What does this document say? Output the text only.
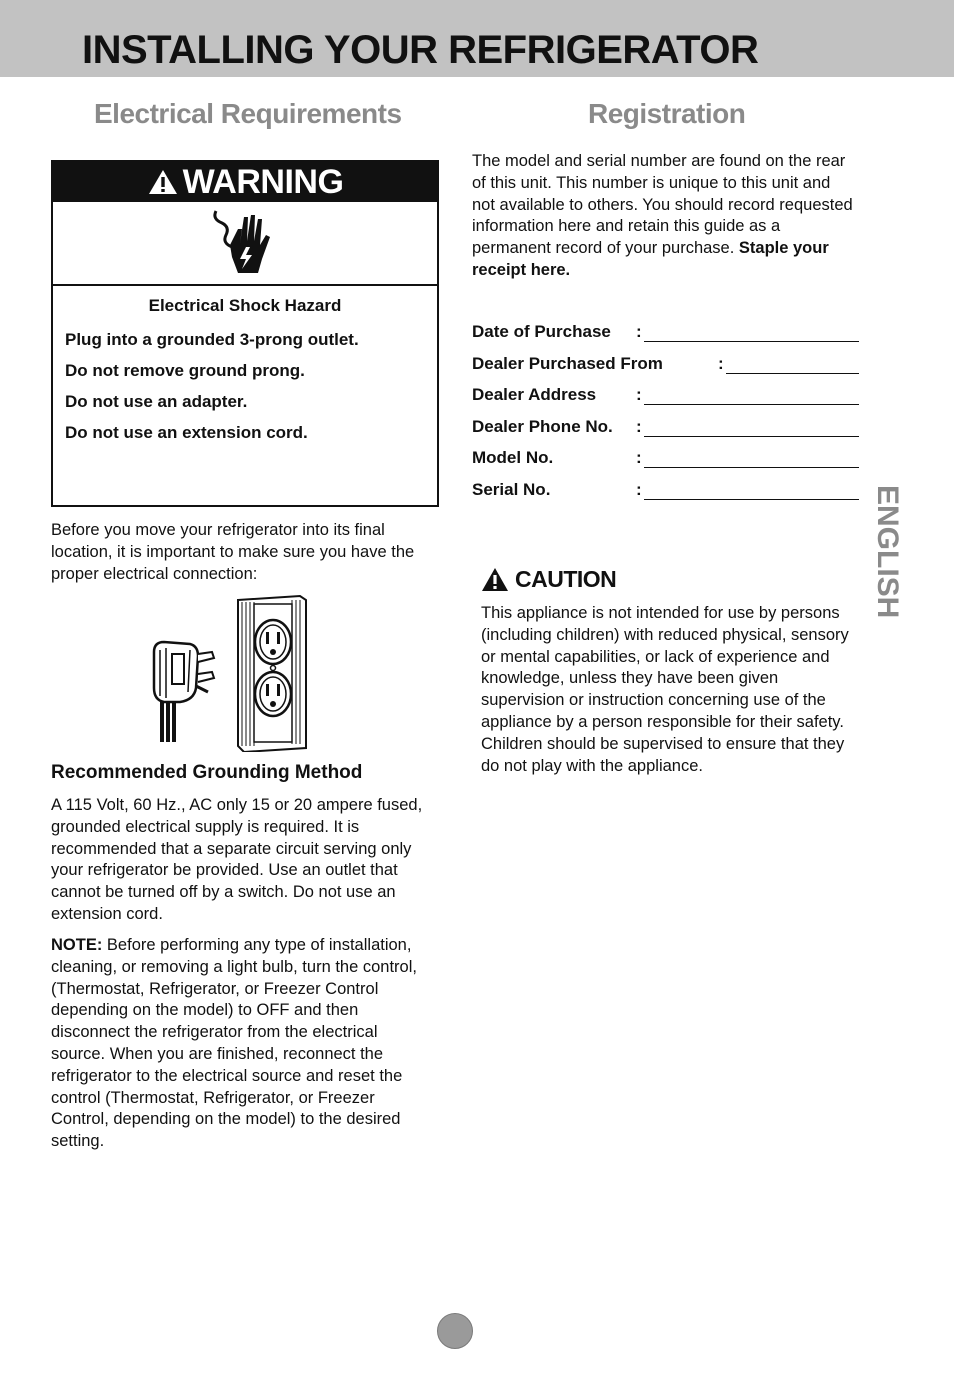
INSTALLING YOUR REFRIGERATOR
Electrical Requirements	Registration
WARNING
Electrical Shock Hazard
Plug into a grounded 3-prong outlet.
Do not remove ground prong.
Do not use an adapter.
Do not use an extension cord.

Before you move your refrigerator into its final location, it is important to make sure you have the proper electrical connection:

Recommended Grounding Method

A 115 Volt, 60 Hz., AC only 15 or 20 ampere fused, grounded electrical supply is required. It is recommended that a separate circuit serving only your refrigerator be provided. Use an outlet that cannot be turned off by a switch. Do not use an extension cord.

NOTE: Before performing any type of installation, cleaning, or removing a light bulb, turn the control, (Thermostat, Refrigerator, or Freezer Control depending on the model) to OFF and then disconnect the refrigerator from the electrical source. When you are finished, reconnect the refrigerator to the electrical source and reset the control (Thermostat, Refrigerator, or Freezer Control, depending on the model) to the desired setting.

The model and serial number are found on the rear of this unit. This number is unique to this unit and not available to others. You should record requested information here and retain this guide as a permanent record of your purchase. Staple your receipt here.

Date of Purchase :
Dealer Purchased From	:
Dealer Address :
Dealer Phone No. :
Model No.	:
Serial No.	:
CAUTION

This appliance is not intended for use by persons (including children) with reduced physical, sensory or mental capabilities, or lack of experience and knowledge, unless they have been given supervision or instruction concerning use of the appliance by a person responsible for their safety. Children should be supervised to ensure that they do not play with the appliance.

ENGLISH
